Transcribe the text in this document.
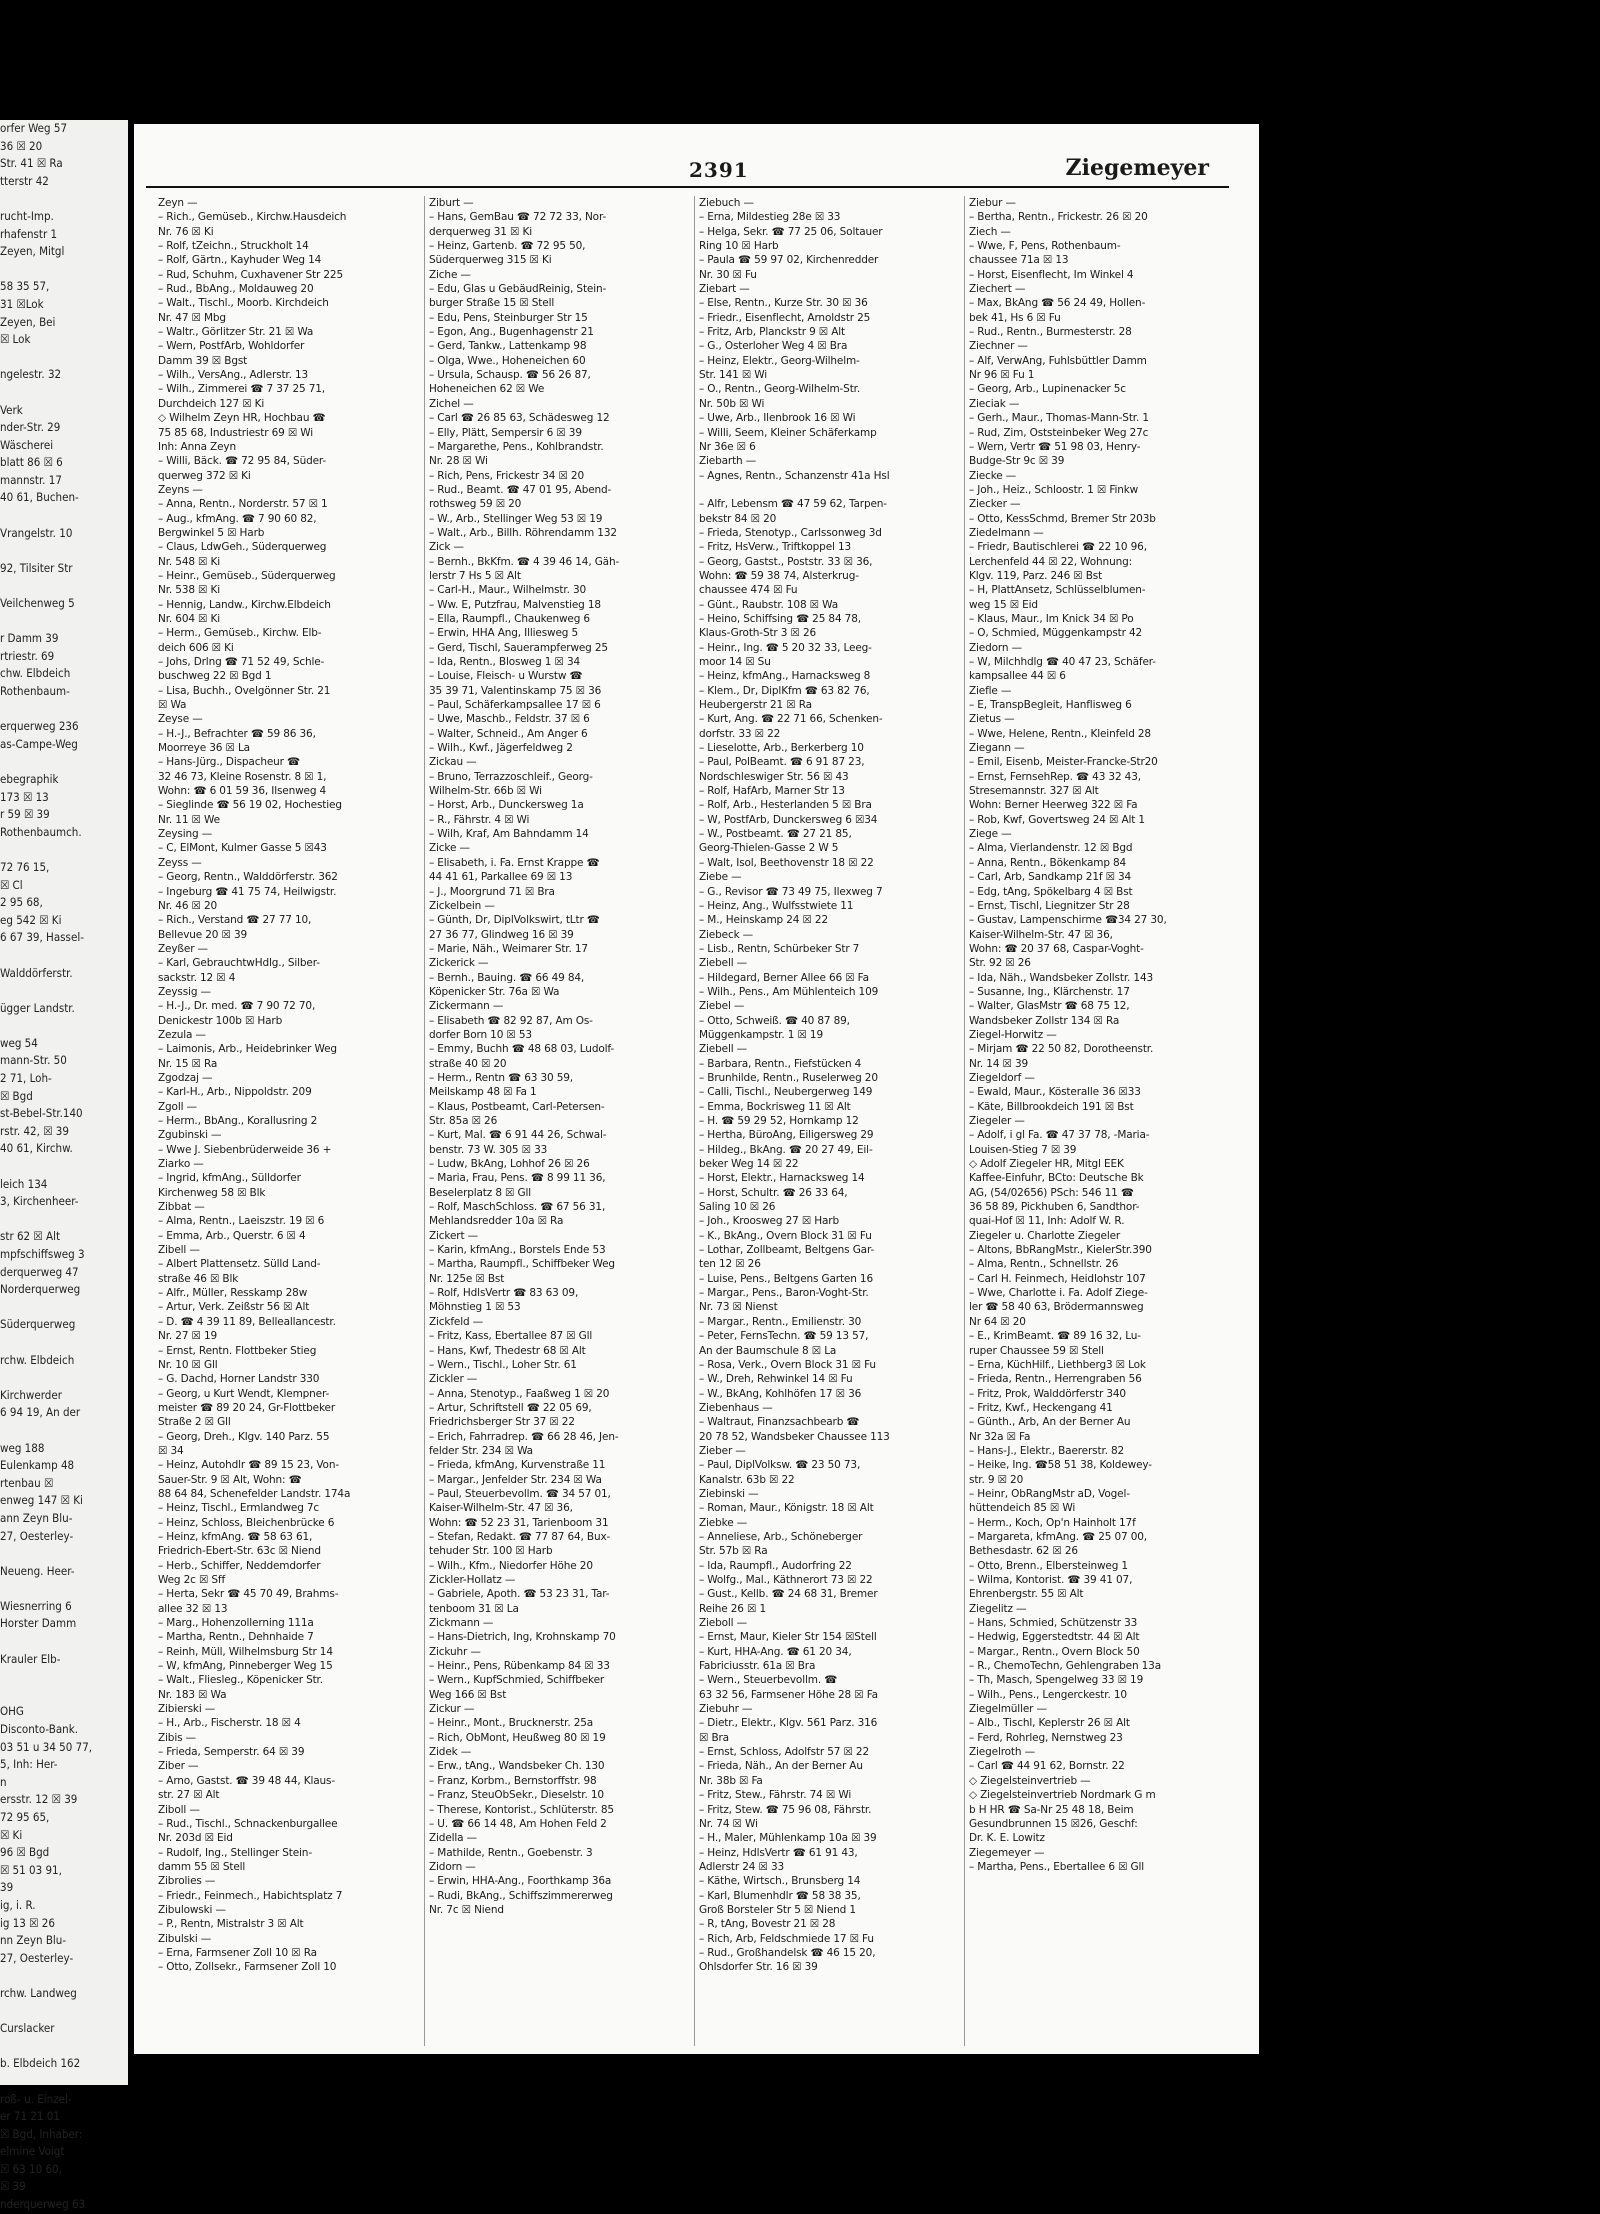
orfer Weg 57
36 ☒ 20
Str. 41 ☒ Ra
tterstr 42

rucht-Imp.
rhafenstr 1
Zeyen, Mitgl

58 35 57,
31 ☒Lok
Zeyen, Bei
☒ Lok

ngelestr. 32

Verk
nder-Str. 29
Wäscherei
blatt 86 ☒ 6
mannstr. 17
40 61, Buchen-

Vrangelstr. 10

92, Tilsiter Str

Veilchenweg 5

r Damm 39
rtriestr. 69
chw. Elbdeich
Rothenbaum-

erquerweg 236
as-Campe-Weg

ebegraphik
173 ☒ 13
r 59 ☒ 39
Rothenbaumch.

72 76 15,
☒ Cl
2 95 68,
eg 542 ☒ Ki
6 67 39, Hassel-

Walddörferstr.

ügger Landstr.

weg 54
mann-Str. 50
2 71, Loh-
☒ Bgd
st-Bebel-Str.140
rstr. 42, ☒ 39
40 61, Kirchw.

leich 134
3, Kirchenheer-

str 62 ☒ Alt
mpfschiffsweg 3
derquerweg 47
Norderquerweg

Süderquerweg

rchw. Elbdeich

Kirchwerder
6 94 19, An der

weg 188
Eulenkamp 48
rtenbau ☒
enweg 147 ☒ Ki
ann Zeyn Blu-
27, Oesterley-

Neueng. Heer-

Wiesnerring 6
Horster Damm

Krauler Elb-

OHG
Disconto-Bank.
03 51 u 34 50 77,
5, Inh: Her-
n
ersstr. 12 ☒ 39
72 95 65,
☒ Ki
96 ☒ Bgd
☒ 51 03 91,
39
ig, i. R.
ig 13 ☒ 26
nn Zeyn Blu-
27, Oesterley-

rchw. Landweg

Curslacker

b. Elbdeich 162

roß- u. Einzel-
er 71 21 01
☒ Bgd, Inhaber:
elmine Voigt
☒ 63 10 60,
☒ 39
nderquerweg 63
2391	Ziegemeyer
Zeyn —
– Rich., Gemüseb., Kirchw.Hausdeich
Nr. 76 ☒ Ki
– Rolf, tZeichn., Struckholt 14
– Rolf, Gärtn., Kayhuder Weg 14
– Rud, Schuhm, Cuxhavener Str 225
– Rud., BbAng., Moldauweg 20
– Walt., Tischl., Moorb. Kirchdeich
Nr. 47 ☒ Mbg
– Waltr., Görlitzer Str. 21 ☒ Wa
– Wern, PostfArb, Wohldorfer
Damm 39 ☒ Bgst
– Wilh., VersAng., Adlerstr. 13
– Wilh., Zimmerei ☎ 7 37 25 71,
Durchdeich 127 ☒ Ki
◇ Wilhelm Zeyn HR, Hochbau ☎
75 85 68, Industriestr 69 ☒ Wi
Inh: Anna Zeyn
– Willi, Bäck. ☎ 72 95 84, Süder-
querweg 372 ☒ Ki
Zeyns —
– Anna, Rentn., Norderstr. 57 ☒ 1
– Aug., kfmAng. ☎ 7 90 60 82,
Bergwinkel 5 ☒ Harb
– Claus, LdwGeh., Süderquerweg
Nr. 548 ☒ Ki
– Heinr., Gemüseb., Süderquerweg
Nr. 538 ☒ Ki
– Hennig, Landw., Kirchw.Elbdeich
Nr. 604 ☒ Ki
– Herm., Gemüseb., Kirchw. Elb-
deich 606 ☒ Ki
– Johs, Drlng ☎ 71 52 49, Schle-
buschweg 22 ☒ Bgd 1
– Lisa, Buchh., Ovelgönner Str. 21
☒ Wa
Zeyse —
– H.-J., Befrachter ☎ 59 86 36,
Moorreye 36 ☒ La
– Hans-Jürg., Dispacheur ☎
32 46 73, Kleine Rosenstr. 8 ☒ 1,
Wohn: ☎ 6 01 59 36, Ilsenweg 4
– Sieglinde ☎ 56 19 02, Hochestieg
Nr. 11 ☒ We
Zeysing —
– C, ElMont, Kulmer Gasse 5 ☒43
Zeyss —
– Georg, Rentn., Walddörferstr. 362
– Ingeburg ☎ 41 75 74, Heilwigstr.
Nr. 46 ☒ 20
– Rich., Verstand ☎ 27 77 10,
Bellevue 20 ☒ 39
Zeyßer —
– Karl, GebrauchtwHdlg., Silber-
sackstr. 12 ☒ 4
Zeyssig —
– H.-J., Dr. med. ☎ 7 90 72 70,
Denickestr 100b ☒ Harb
Zezula —
– Laimonis, Arb., Heidebrinker Weg
Nr. 15 ☒ Ra
Zgodzaj —
– Karl-H., Arb., Nippoldstr. 209
Zgoll —
– Herm., BbAng., Korallusring 2
Zgubinski —
– Wwe J. Siebenbrüderweide 36 +
Ziarko —
– Ingrid, kfmAng., Sülldorfer
Kirchenweg 58 ☒ Blk
Zibbat —
– Alma, Rentn., Laeiszstr. 19 ☒ 6
– Emma, Arb., Querstr. 6 ☒ 4
Zibell —
– Albert Plattensetz. Sülld Land-
straße 46 ☒ Blk
– Alfr., Müller, Resskamp 28w
– Artur, Verk. Zeißstr 56 ☒ Alt
– D. ☎ 4 39 11 89, Belleallancestr.
Nr. 27 ☒ 19
– Ernst, Rentn. Flottbeker Stieg
Nr. 10 ☒ Gll
– G. Dachd, Horner Landstr 330
– Georg, u Kurt Wendt, Klempner-
meister ☎ 89 20 24, Gr-Flottbeker
Straße 2 ☒ Gll
– Georg, Dreh., Klgv. 140 Parz. 55
☒ 34
– Heinz, Autohdlr ☎ 89 15 23, Von-
Sauer-Str. 9 ☒ Alt, Wohn: ☎
88 64 84, Schenefelder Landstr. 174a
– Heinz, Tischl., Ermlandweg 7c
– Heinz, Schloss, Bleichenbrücke 6
– Heinz, kfmAng. ☎ 58 63 61,
Friedrich-Ebert-Str. 63c ☒ Niend
– Herb., Schiffer, Neddemdorfer
Weg 2c ☒ Sff
– Herta, Sekr ☎ 45 70 49, Brahms-
allee 32 ☒ 13
– Marg., Hohenzollerning 111a
– Martha, Rentn., Dehnhaide 7
– Reinh, Müll, Wilhelmsburg Str 14
– W, kfmAng, Pinneberger Weg 15
– Walt., Fliesleg., Köpenicker Str.
Nr. 183 ☒ Wa
Zibierski —
– H., Arb., Fischerstr. 18 ☒ 4
Zibis —
– Frieda, Semperstr. 64 ☒ 39
Ziber —
– Arno, Gastst. ☎ 39 48 44, Klaus-
str. 27 ☒ Alt
Ziboll —
– Rud., Tischl., Schnackenburgallee
Nr. 203d ☒ Eid
– Rudolf, Ing., Stellinger Stein-
damm 55 ☒ Stell
Zibrolies —
– Friedr., Feinmech., Habichtsplatz 7
Zibulowski —
– P., Rentn, Mistralstr 3 ☒ Alt
Zibulski —
– Erna, Farmsener Zoll 10 ☒ Ra
– Otto, Zollsekr., Farmsener Zoll 10
Ziburt —
– Hans, GemBau ☎ 72 72 33, Nor-
derquerweg 31 ☒ Ki
– Heinz, Gartenb. ☎ 72 95 50,
Süderquerweg 315 ☒ Ki
Ziche —
– Edu, Glas u GebäudReinig, Stein-
burger Straße 15 ☒ Stell
– Edu, Pens, Steinburger Str 15
– Egon, Ang., Bugenhagenstr 21
– Gerd, Tankw., Lattenkamp 98
– Olga, Wwe., Hoheneichen 60
– Ursula, Schausp. ☎ 56 26 87,
Hoheneichen 62 ☒ We
Zichel —
– Carl ☎ 26 85 63, Schädesweg 12
– Elly, Plätt, Sempersir 6 ☒ 39
– Margarethe, Pens., Kohlbrandstr.
Nr. 28 ☒ Wi
– Rich, Pens, Frickestr 34 ☒ 20
– Rud., Beamt. ☎ 47 01 95, Abend-
rothsweg 59 ☒ 20
– W., Arb., Stellinger Weg 53 ☒ 19
– Walt., Arb., Billh. Röhrendamm 132
Zick —
– Bernh., BkKfm. ☎ 4 39 46 14, Gäh-
lerstr 7 Hs 5 ☒ Alt
– Carl-H., Maur., Wilhelmstr. 30
– Ww. E, Putzfrau, Malvenstieg 18
– Ella, Raumpfl., Chaukenweg 6
– Erwin, HHA Ang, Illiesweg 5
– Gerd, Tischl, Sauerampferweg 25
– Ida, Rentn., Blosweg 1 ☒ 34
– Louise, Fleisch- u Wurstw ☎
35 39 71, Valentinskamp 75 ☒ 36
– Paul, Schäferkampsallee 17 ☒ 6
– Uwe, Maschb., Feldstr. 37 ☒ 6
– Walter, Schneid., Am Anger 6
– Wilh., Kwf., Jägerfeldweg 2
Zickau —
– Bruno, Terrazzoschleif., Georg-
Wilhelm-Str. 66b ☒ Wi
– Horst, Arb., Duncker​sweg 1a
– R., Fährstr. 4 ☒ Wi
– Wilh, Kraf, Am Bahndamm 14
Zicke —
– Elisabeth, i. Fa. Ernst Krappe ☎
44 41 61, Parkallee 69 ☒ 13
– J., Moorgrund 71 ☒ Bra
Zickelbein —
– Günth, Dr, DiplVolkswirt, tLtr ☎
27 36 77, Glindweg 16 ☒ 39
– Marie, Näh., Weimarer Str. 17
Zickerick —
– Bernh., Bauing. ☎ 66 49 84,
Köpenicker Str. 76a ☒ Wa
Zickermann —
– Elisabeth ☎ 82 92 87, Am Os-
dorfer Born 10 ☒ 53
– Emmy, Buchh ☎ 48 68 03, Ludolf-
straße 40 ☒ 20
– Herm., Rentn ☎ 63 30 59,
Meilskamp 48 ☒ Fa 1
– Klaus, Postbeamt, Carl-Petersen-
Str. 85a ☒ 26
– Kurt, Mal. ☎ 6 91 44 26, Schwal-
benstr. 73 W. 305 ☒ 33
– Ludw, BkAng, Lohhof 26 ☒ 26
– Maria, Frau, Pens. ☎ 8 99 11 36,
Beselerplatz 8 ☒ Gll
– Rolf, MaschSchloss. ☎ 67 56 31,
Mehlandsredder 10a ☒ Ra
Zickert —
– Karin, kfmAng., Borstels Ende 53
– Martha, Raumpfl., Schiffbeker Weg
Nr. 125e ☒ Bst
– Rolf, HdlsVertr ☎ 83 63 09,
Möhnstieg 1 ☒ 53
Zickfeld —
– Fritz, Kass, Ebertallee 87 ☒ Gll
– Hans, Kwf, Thedestr 68 ☒ Alt
– Wern., Tischl., Loher Str. 61
Zickler —
– Anna, Stenotyp., Faaßweg 1 ☒ 20
– Artur, Schriftstell ☎ 22 05 69,
Friedrichsberger Str 37 ☒ 22
– Erich, Fahrradrep. ☎ 66 28 46, Jen-
felder Str. 234 ☒ Wa
– Frieda, kfmAng, Kurvenstraße 11
– Margar., Jenfelder Str. 234 ☒ Wa
– Paul, Steuerbevollm. ☎ 34 57 01,
Kaiser-Wilhelm-Str. 47 ☒ 36,
Wohn: ☎ 52 23 31, Tarienboom 31
– Stefan, Redakt. ☎ 77 87 64, Bux-
tehuder Str. 100 ☒ Harb
– Wilh., Kfm., Niedorfer Höhe 20
Zickler-Hollatz —
– Gabriele, Apoth. ☎ 53 23 31, Tar-
tenboom 31 ☒ La
Zickmann —
– Hans-Dietrich, Ing, Krohnskamp 70
Zickuhr —
– Heinr., Pens, Rübenkamp 84 ☒ 33
– Wern., KupfSchmied, Schiffbeker
Weg 166 ☒ Bst
Zickur —
– Heinr., Mont., Brucknerstr. 25a
– Rich, ObMont, Heußweg 80 ☒ 19
Zidek —
– Erw., tAng., Wandsbeker Ch. 130
– Franz, Korbm., Bernstorffstr. 98
– Franz, SteuObSekr., Dieselstr. 10
– Therese, Kontorist., Schlüterstr. 85
– U. ☎ 66 14 48, Am Hohen Feld 2
Zidella —
– Mathilde, Rentn., Goebenstr. 3
Zidorn —
– Erwin, HHA-Ang., Foorthkamp 36a
– Rudi, BkAng., Schiffszimmererweg
Nr. 7c ☒ Niend
Ziebuch —
– Erna, Mildestieg 28e ☒ 33
– Helga, Sekr. ☎ 77 25 06, Soltauer
Ring 10 ☒ Harb
– Paula ☎ 59 97 02, Kirchenredder
Nr. 30 ☒ Fu
Ziebart —
– Else, Rentn., Kurze Str. 30 ☒ 36
– Friedr., Eisenflecht, Arnoldstr 25
– Fritz, Arb, Planckstr 9 ☒ Alt
– G., Osterloher Weg 4 ☒ Bra
– Heinz, Elektr., Georg-Wilhelm-
Str. 141 ☒ Wi
– O., Rentn., Georg-Wilhelm-Str.
Nr. 50b ☒ Wi
– Uwe, Arb., Ilenbrook 16 ☒ Wi
– Willi, Seem, Kleiner Schäferkamp
Nr 36e ☒ 6
Ziebarth —
– Agnes, Rentn., Schanzenstr 41a Hsl

– Alfr, Lebensm ☎ 47 59 62, Tarpen-
bekstr 84 ☒ 20
– Frieda, Stenotyp., Carlssonweg 3d
– Fritz, HsVerw., Triftkoppel 13
– Georg, Gastst., Poststr. 33 ☒ 36,
Wohn: ☎ 59 38 74, Alsterkrug-
chaussee 474 ☒ Fu
– Günt., Raubstr. 108 ☒ Wa
– Heino, Schiffsing ☎ 25 84 78,
Klaus-Groth-Str 3 ☒ 26
– Heinr., Ing. ☎ 5 20 32 33, Leeg-
moor 14 ☒ Su
– Heinz, kfmAng., Harnacksweg 8
– Klem., Dr, DiplKfm ☎ 63 82 76,
Heubergerstr 21 ☒ Ra
– Kurt, Ang. ☎ 22 71 66, Schenken-
dorfstr. 33 ☒ 22
– Lieselotte, Arb., Berkerberg 10
– Paul, PolBeamt. ☎ 6 91 87 23,
Nordschleswiger Str. 56 ☒ 43
– Rolf, HafArb, Marner Str 13
– Rolf, Arb., Hesterlanden 5 ☒ Bra
– W, PostfArb, Dunckersweg 6 ☒34
– W., Postbeamt. ☎ 27 21 85,
Georg-Thielen-Gasse 2 W 5
– Walt, Isol, Beethovenstr 18 ☒ 22
Ziebe —
– G., Revisor ☎ 73 49 75, Ilexweg 7
– Heinz, Ang., Wulfsstwiete 11
– M., Heinskamp 24 ☒ 22
Ziebeck —
– Lisb., Rentn, Schürbeker Str 7
Ziebell —
– Hildegard, Berner Allee 66 ☒ Fa
– Wilh., Pens., Am Mühlenteich 109
Ziebel —
– Otto, Schweiß. ☎ 40 87 89,
Müggenkampstr. 1 ☒ 19
Ziebell —
– Barbara, Rentn., Fiefstücken 4
– Brunhilde, Rentn., Ruselerweg 20
– Calli, Tischl., Neubergerweg 149
– Emma, Bockrisweg 11 ☒ Alt
– H. ☎ 59 29 52, Hornkamp 12
– Hertha, BüroAng, Eiligersweg 29
– Hildeg., BkAng. ☎ 20 27 49, Eil-
beker Weg 14 ☒ 22
– Horst, Elektr., Harnacksweg 14
– Horst, Schultr. ☎ 26 33 64,
Saling 10 ☒ 26
– Joh., Kroosweg 27 ☒ Harb
– K., BkAng., Overn Block 31 ☒ Fu
– Lothar, Zollbeamt, Beltgens Gar-
ten 12 ☒ 26
– Luise, Pens., Beltgens Garten 16
– Margar., Pens., Baron-Voght-Str.
Nr. 73 ☒ Nienst
– Margar., Rentn., Emilienstr. 30
– Peter, FernsTechn. ☎ 59 13 57,
An der Baumschule 8 ☒ La
– Rosa, Verk., Overn Block 31 ☒ Fu
– W., Dreh, Rehwinkel 14 ☒ Fu
– W., BkAng, Kohlhöfen 17 ☒ 36
Ziebenhaus —
– Waltraut, Finanzsachbearb ☎
20 78 52, Wandsbeker Chaussee 113
Zieber —
– Paul, DiplVolksw. ☎ 23 50 73,
Kanalstr. 63b ☒ 22
Ziebinski —
– Roman, Maur., Königstr. 18 ☒ Alt
Ziebke —
– Anneliese, Arb., Schöneberger
Str. 57b ☒ Ra
– Ida, Raumpfl., Audorfring 22
– Wolfg., Mal., Käthnerort 73 ☒ 22
– Gust., Kellb. ☎ 24 68 31, Bremer
Reihe 26 ☒ 1
Zieboll —
– Ernst, Maur, Kieler Str 154 ☒Stell
– Kurt, HHA-Ang. ☎ 61 20 34,
Fabriciusstr. 61a ☒ Bra
– Wern., Steuerbevollm. ☎
63 32 56, Farmsener Höhe 28 ☒ Fa
Ziebuhr —
– Dietr., Elektr., Klgv. 561 Parz. 316
☒ Bra
– Ernst, Schloss, Adolfstr 57 ☒ 22
– Frieda, Näh., An der Berner Au
Nr. 38b ☒ Fa
– Fritz, Stew., Fährstr. 74 ☒ Wi
– Fritz, Stew. ☎ 75 96 08, Fährstr.
Nr. 74 ☒ Wi
– H., Maler, Mühlenkamp 10a ☒ 39
– Heinz, HdlsVertr ☎ 61 91 43,
Adlerstr 24 ☒ 33
– Käthe, Wirtsch., Brunsberg 14
– Karl, Blumenhdlr ☎ 58 38 35,
Groß Borsteler Str 5 ☒ Niend 1
– R, tAng, Bovestr 21 ☒ 28
– Rich, Arb, Feldschmiede 17 ☒ Fu
– Rud., Großhandelsk ☎ 46 15 20,
Ohlsdorfer Str. 16 ☒ 39
Ziebur —
– Bertha, Rentn., Frickestr. 26 ☒ 20
Ziech —
– Wwe, F, Pens, Rothenbaum-
chaussee 71a ☒ 13
– Horst, Eisenflecht, Im Winkel 4
Ziechert —
– Max, BkAng ☎ 56 24 49, Hollen-
bek 41, Hs 6 ☒ Fu
– Rud., Rentn., Burmesterstr. 28
Ziechner —
– Alf, VerwAng, Fuhlsbüttler Damm
Nr 96 ☒ Fu 1
– Georg, Arb., Lupinenacker 5c
Zieciak —
– Gerh., Maur., Thomas-Mann-Str. 1
– Rud, Zim, Oststeinbeker Weg 27c
– Wern, Vertr ☎ 51 98 03, Henry-
Budge-Str 9c ☒ 39
Ziecke —
– Joh., Heiz., Schloostr. 1 ☒ Finkw
Ziecker —
– Otto, KessSchmd, Bremer Str 203b
Ziedelmann —
– Friedr, Bautischlerei ☎ 22 10 96,
Lerchenfeld 44 ☒ 22, Wohnung:
Klgv. 119, Parz. 246 ☒ Bst
– H, PlattAnsetz, Schlüsselblumen-
weg 15 ☒ Eid
– Klaus, Maur., Im Knick 34 ☒ Po
– O, Schmied, Müggenkampstr 42
Ziedorn —
– W, Milchhdlg ☎ 40 47 23, Schäfer-
kampsallee 44 ☒ 6
Ziefle —
– E, TranspBegleit, Hanflisweg 6
Zietus —
– Wwe, Helene, Rentn., Kleinfeld 28
Ziegann —
– Emil, Eisenb, Meister-Francke-Str20
– Ernst, FernsehRep. ☎ 43 32 43,
Stresemannstr. 327 ☒ Alt
Wohn: Berner Heerweg 322 ☒ Fa
– Rob, Kwf, Govertsweg 24 ☒ Alt 1
Ziege —
– Alma, Vierlandenstr. 12 ☒ Bgd
– Anna, Rentn., Bökenkamp 84
– Carl, Arb, Sandkamp 21f ☒ 34
– Edg, tAng, Spökelbarg 4 ☒ Bst
– Ernst, Tischl, Liegnitzer Str 28
– Gustav, Lampenschirme ☎34 27 30,
Kaiser-Wilhelm-Str. 47 ☒ 36,
Wohn: ☎ 20 37 68, Caspar-Voght-
Str. 92 ☒ 26
– Ida, Näh., Wandsbeker Zollstr. 143
– Susanne, Ing., Klärchenstr. 17
– Walter, GlasMstr ☎ 68 75 12,
Wandsbeker Zollstr 134 ☒ Ra
Ziegel-Horwitz —
– Mirjam ☎ 22 50 82, Dorotheenstr.
Nr. 14 ☒ 39
Ziegeldorf —
– Ewald, Maur., Kösteralle 36 ☒33
– Käte, Billbrookdeich 191 ☒ Bst
Ziegeler —
– Adolf, i gl Fa. ☎ 47 37 78, -Maria-
Louisen-Stieg 7 ☒ 39
◇ Adolf Ziegeler HR, Mitgl EEK
Kaffee-Einfuhr, BCto: Deutsche Bk
AG, (54/02656) PSch: 546 11 ☎
36 58 89, Pickhuben 6, Sandthor-
quai-Hof ☒ 11, Inh: Adolf W. R.
Ziegeler u. Charlotte Ziegeler
– Altons, BbRangMstr., KielerStr.390
– Alma, Rentn., Schnellstr. 26
– Carl H. Feinmech, Heidlohstr 107
– Wwe, Charlotte i. Fa. Adolf Ziege-
ler ☎ 58 40 63, Brödermannsweg
Nr 64 ☒ 20
– E., KrimBeamt. ☎ 89 16 32, Lu-
ruper Chaussee 59 ☒ Stell
– Erna, KüchHilf., Liethberg3 ☒ Lok
– Frieda, Rentn., Herrengraben 56
– Fritz, Prok, Walddörferstr 340
– Fritz, Kwf., Heckengang 41
– Günth., Arb, An der Berner Au
Nr 32a ☒ Fa
– Hans-J., Elektr., Baererstr. 82
– Heike, Ing. ☎58 51 38, Koldewey-
str. 9 ☒ 20
– Heinr, ObRangMstr aD, Vogel-
hüttendeich 85 ☒ Wi
– Herm., Koch, Op'n Hainholt 17f
– Margareta, kfmAng. ☎ 25 07 00,
Bethesdastr. 62 ☒ 26
– Otto, Brenn., Elbersteinweg 1
– Wilma, Kontorist. ☎ 39 41 07,
Ehrenbergstr. 55 ☒ Alt
Ziegelitz —
– Hans, Schmied, Schützenstr 33
– Hedwig, Eggerstedtstr. 44 ☒ Alt
– Margar., Rentn., Overn Block 50
– R., ChemoTechn, Gehlengraben 13a
– Th, Masch, Spengelweg 33 ☒ 19
– Wilh., Pens., Lengerckestr. 10
Ziegelmüller —
– Alb., Tischl, Keplerstr 26 ☒ Alt
– Ferd, Rohrleg, Nernstweg 23
Ziegelroth —
– Carl ☎ 44 91 62, Bornstr. 22
◇ Ziegelsteinvertrieb —
◇ Ziegelsteinvertrieb Nordmark G m
b H HR ☎ Sa-Nr 25 48 18, Beim
Gesundbrunnen 15 ☒26, Geschf:
Dr. K. E. Lowitz
Ziegemeyer —
– Martha, Pens., Ebertallee 6 ☒ Gll
